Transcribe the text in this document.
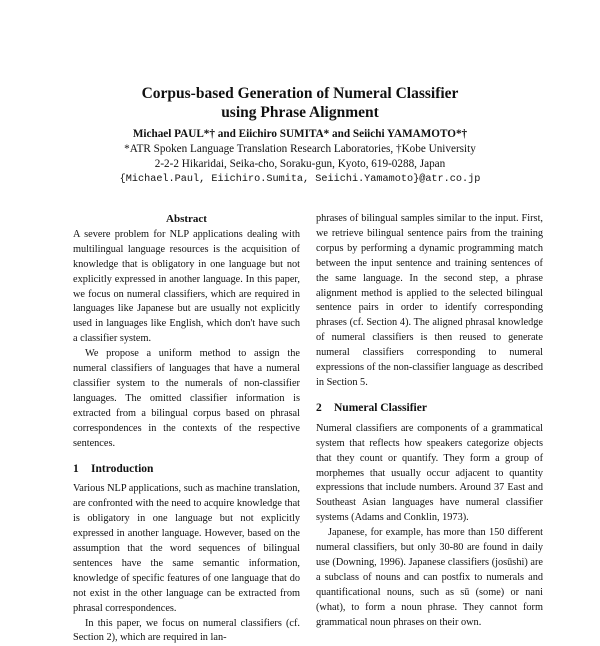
Corpus-based Generation of Numeral Classifier
using Phrase Alignment
Michael PAUL*† and Eiichiro SUMITA* and Seiichi YAMAMOTO*†
*ATR Spoken Language Translation Research Laboratories, †Kobe University
2-2-2 Hikaridai, Seika-cho, Soraku-gun, Kyoto, 619-0288, Japan
{Michael.Paul, Eiichiro.Sumita, Seiichi.Yamamoto}@atr.co.jp
Abstract

A severe problem for NLP applications dealing with multilingual language resources is the acquisition of knowledge that is obligatory in one language but not explicitly expressed in another language. In this paper, we focus on numeral classifiers, which are required in languages like Japanese but are usually not explicitly used in languages like English, which don't have such a classifier system.

We propose a uniform method to assign the numeral classifiers of languages that have a numeral classifier system to the numerals of non-classifier languages. The omitted classifier information is extracted from a bilingual corpus based on phrasal correspondences in the contexts of the respective sentences.

1 Introduction

Various NLP applications, such as machine translation, are confronted with the need to acquire knowledge that is obligatory in one language but not explicitly expressed in another language. However, based on the assumption that the word sequences of bilingual sentences have the same semantic information, knowledge of specific features of one language that do not exist in the other language can be extracted from phrasal correspondences.

In this paper, we focus on numeral classifiers (cf. Section 2), which are required in lan-

phrases of bilingual samples similar to the input. First, we retrieve bilingual sentence pairs from the training corpus by performing a dynamic programming match between the input sentence and training sentences of the same language. In the second step, a phrase alignment method is applied to the selected bilingual sentence pairs in order to identify corresponding phrases (cf. Section 4). The aligned phrasal knowledge of numeral classifiers is then reused to generate numeral classifiers corresponding to numeral expressions of the non-classifier language as described in Section 5.

2 Numeral Classifier

Numeral classifiers are components of a grammatical system that reflects how speakers categorize objects that they count or quantify. They form a group of morphemes that usually occur adjacent to quantity expressions that include numbers. Around 37 East and Southeast Asian languages have numeral classifier systems (Adams and Conklin, 1973).

Japanese, for example, has more than 150 different numeral classifiers, but only 30-80 are found in daily use (Downing, 1996). Japanese classifiers (josūshi) are a subclass of nouns and can postfix to numerals and quantificational nouns, such as sū (some) or nani (what), to form a noun phrase. They cannot form grammatical noun phrases on their own.
